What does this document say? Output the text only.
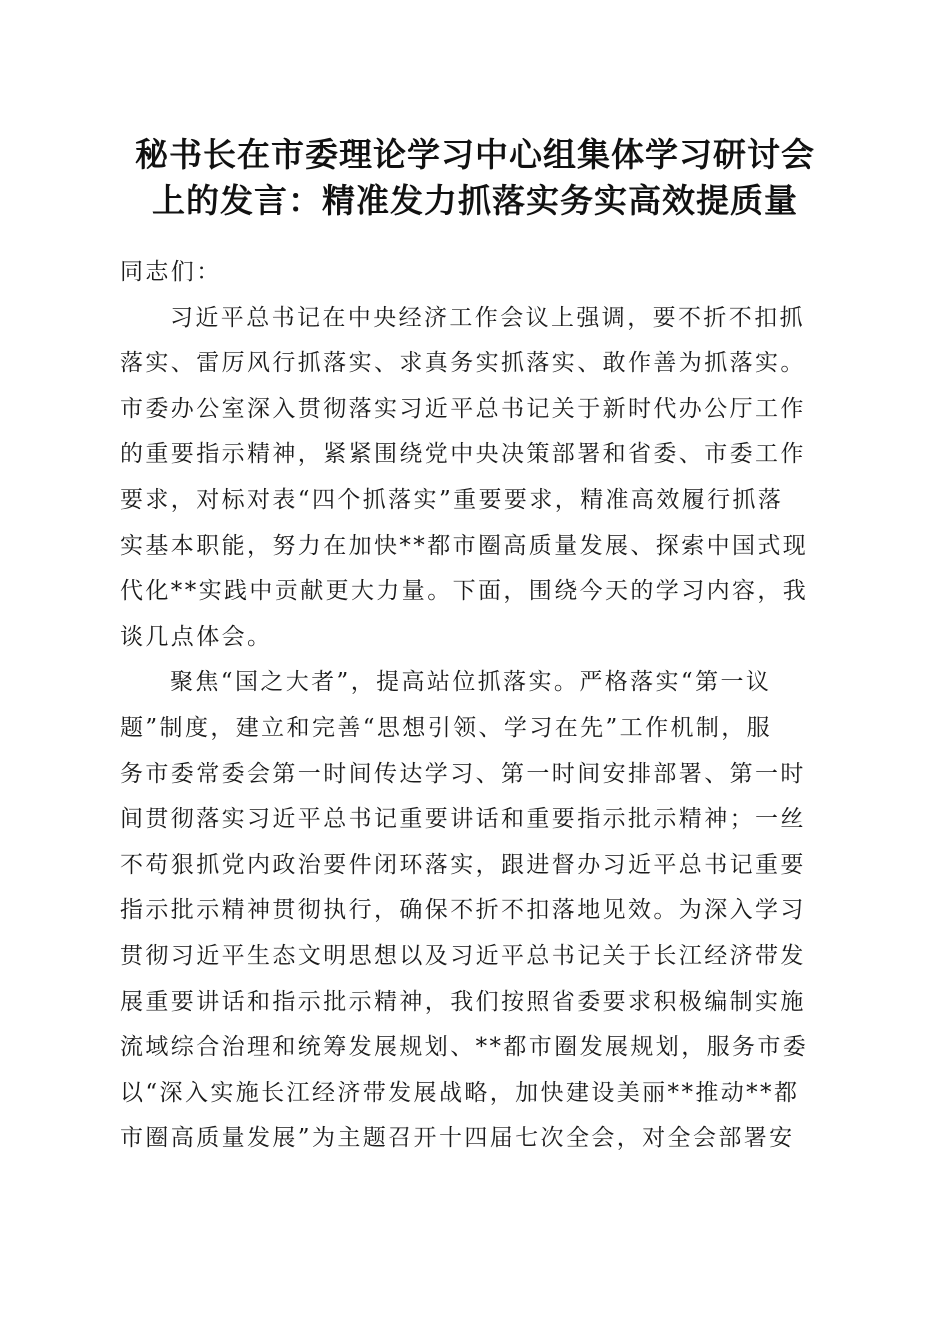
秘书长在市委理论学习中心组集体学习研讨会
上的发言：精准发力抓落实务实高效提质量
同志们：
习近平总书记在中央经济工作会议上强调，要不折不扣抓
落实、雷厉风行抓落实、求真务实抓落实、敢作善为抓落实。
市委办公室深入贯彻落实习近平总书记关于新时代办公厅工作
的重要指示精神，紧紧围绕党中央决策部署和省委、市委工作
要求，对标对表“四个抓落实”重要要求，精准高效履行抓落
实基本职能，努力在加快**都市圈高质量发展、探索中国式现
代化**实践中贡献更大力量。下面，围绕今天的学习内容，我
谈几点体会。
聚焦“国之大者”，提高站位抓落实。严格落实“第一议
题”制度，建立和完善“思想引领、学习在先”工作机制，服
务市委常委会第一时间传达学习、第一时间安排部署、第一时
间贯彻落实习近平总书记重要讲话和重要指示批示精神；一丝
不苟狠抓党内政治要件闭环落实，跟进督办习近平总书记重要
指示批示精神贯彻执行，确保不折不扣落地见效。为深入学习
贯彻习近平生态文明思想以及习近平总书记关于长江经济带发
展重要讲话和指示批示精神，我们按照省委要求积极编制实施
流域综合治理和统筹发展规划、**都市圈发展规划，服务市委
以“深入实施长江经济带发展战略，加快建设美丽**推动**都
市圈高质量发展”为主题召开十四届七次全会，对全会部署安
